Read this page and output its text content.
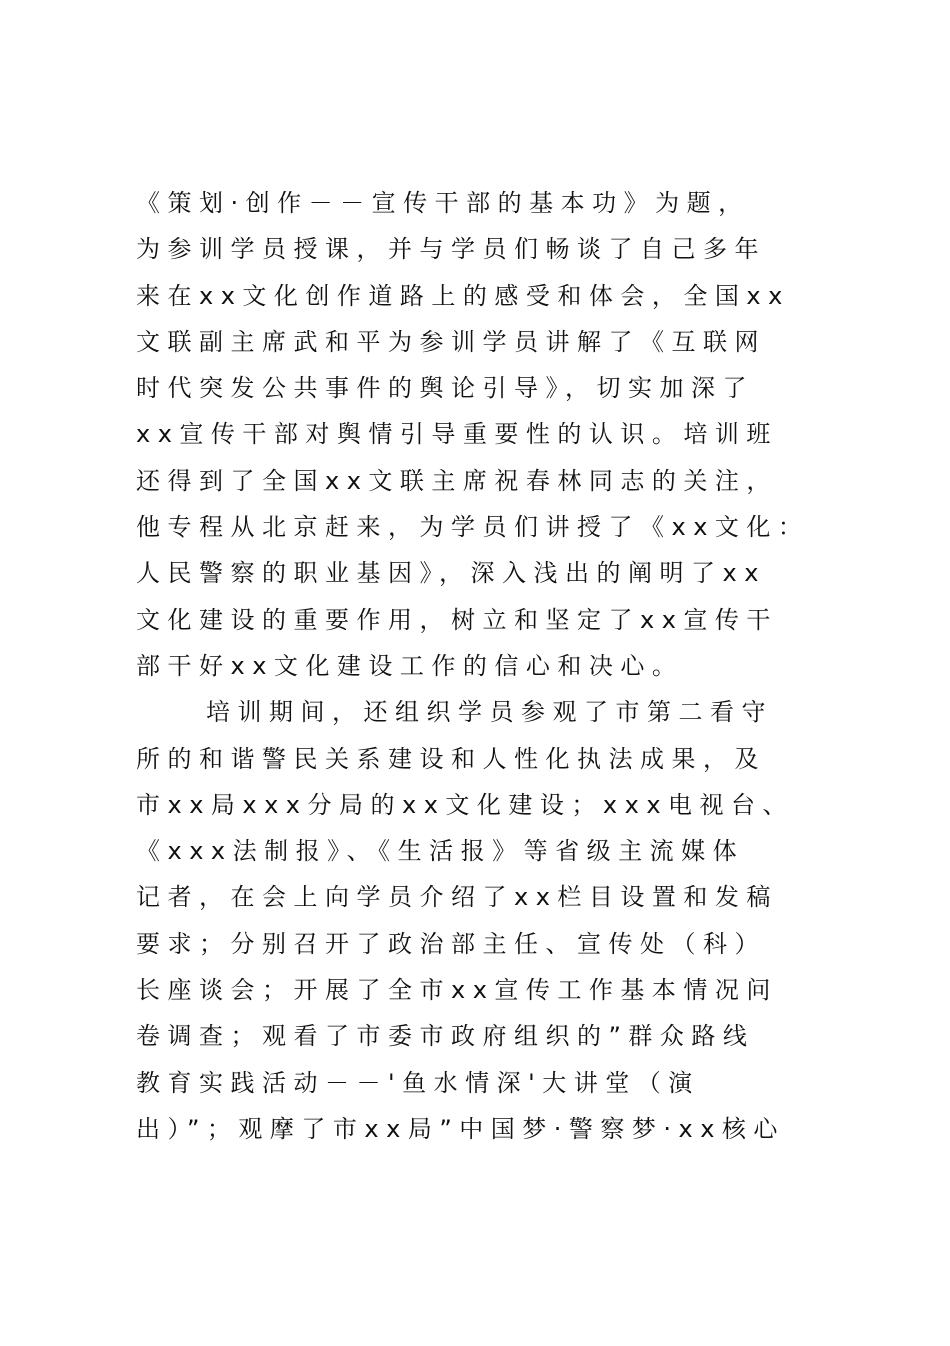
《策划·创作－－宣传干部的基本功》为题，
为参训学员授课，并与学员们畅谈了自己多年
来在xx文化创作道路上的感受和体会，全国xx
文联副主席武和平为参训学员讲解了《互联网
时代突发公共事件的舆论引导》，切实加深了
xx宣传干部对舆情引导重要性的认识。培训班
还得到了全国xx文联主席祝春林同志的关注，
他专程从北京赶来，为学员们讲授了《xx文化：
人民警察的职业基因》，深入浅出的阐明了xx
文化建设的重要作用，树立和坚定了xx宣传干
部干好xx文化建设工作的信心和决心。
培训期间，还组织学员参观了市第二看守
所的和谐警民关系建设和人性化执法成果，及
市xx局xxx分局的xx文化建设；xxx电视台、
《xxx法制报》、《生活报》等省级主流媒体
记者，在会上向学员介绍了xx栏目设置和发稿
要求；分别召开了政治部主任、宣传处（科）
长座谈会；开展了全市xx宣传工作基本情况问
卷调查；观看了市委市政府组织的”群众路线
教育实践活动－－'鱼水情深'大讲堂（演
出）”；观摩了市xx局”中国梦·警察梦·xx核心
